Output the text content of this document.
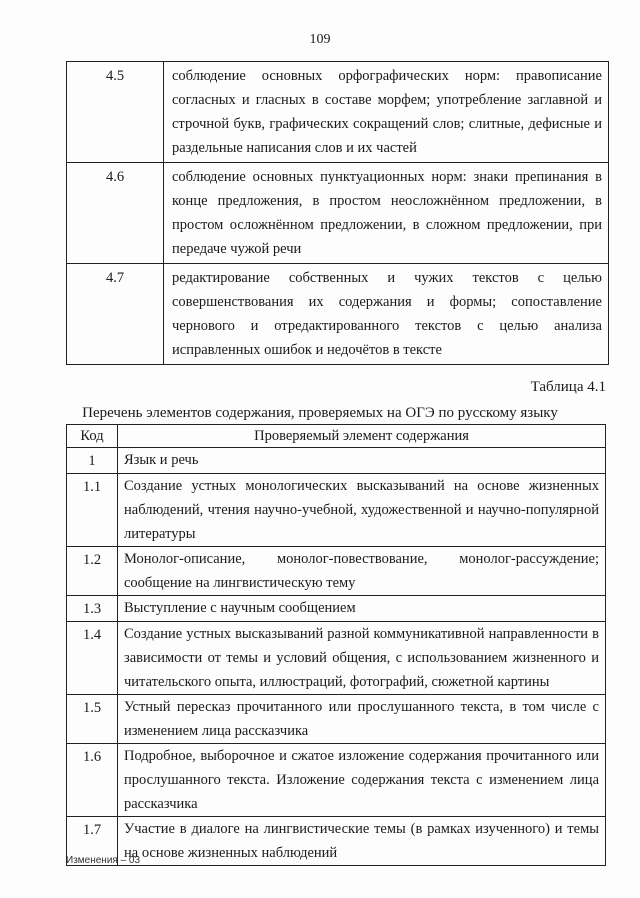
109
4.5	соблюдение основных орфографических норм: правописание согласных и гласных в составе морфем; употребление заглавной и строчной букв, графических сокращений слов; слитные, дефисные и раздельные написания слов и их частей
4.6	соблюдение основных пунктуационных норм: знаки препинания в конце предложения, в простом неосложнённом предложении, в простом осложнённом предложении, в сложном предложении, при передаче чужой речи
4.7	редактирование собственных и чужих текстов с целью совершенствования их содержания и формы; сопоставление чернового и отредактированного текстов с целью анализа исправленных ошибок и недочётов в тексте
Таблица 4.1
Перечень элементов содержания, проверяемых на ОГЭ по русскому языку
Код	Проверяемый элемент содержания
1	Язык и речь
1.1	Создание устных монологических высказываний на основе жизненных наблюдений, чтения научно-учебной, художественной и научно-популярной литературы
1.2	Монолог-описание, монолог-повествование, монолог-рассуждение; сообщение на лингвистическую тему
1.3	Выступление с научным сообщением
1.4	Создание устных высказываний разной коммуникативной направленности в зависимости от темы и условий общения, с использованием жизненного и читательского опыта, иллюстраций, фотографий, сюжетной картины
1.5	Устный пересказ прочитанного или прослушанного текста, в том числе с изменением лица рассказчика
1.6	Подробное, выборочное и сжатое изложение содержания прочитанного или прослушанного текста. Изложение содержания текста с изменением лица рассказчика
1.7	Участие в диалоге на лингвистические темы (в рамках изученного) и темы на основе жизненных наблюдений
Изменения – 03
